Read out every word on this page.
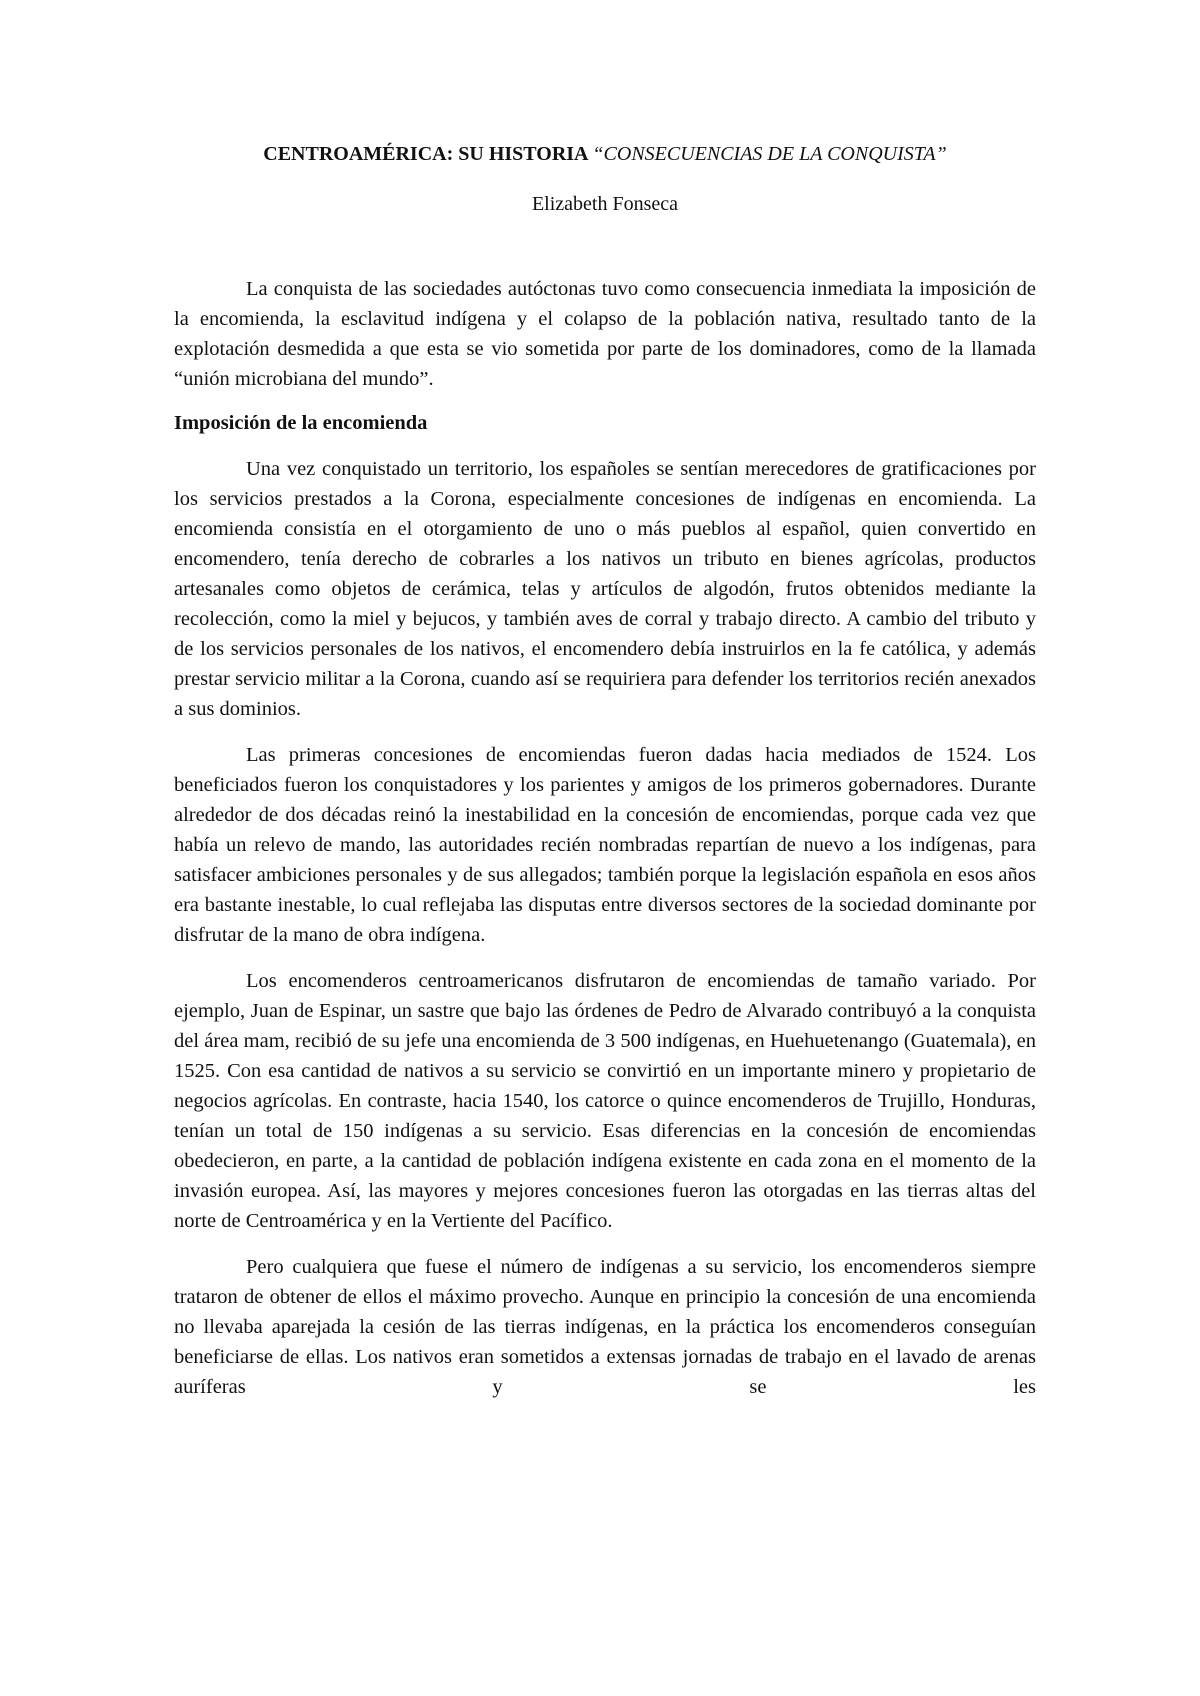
CENTROAMÉRICA: SU HISTORIA “CONSECUENCIAS DE LA CONQUISTA”

Elizabeth Fonseca

La conquista de las sociedades autóctonas tuvo como consecuencia inmediata la imposición de la encomienda, la esclavitud indígena y el colapso de la población nativa, resultado tanto de la explotación desmedida a que esta se vio sometida por parte de los dominadores, como de la llamada “unión microbiana del mundo”.

Imposición de la encomienda

Una vez conquistado un territorio, los españoles se sentían merecedores de gratificaciones por los servicios prestados a la Corona, especialmente concesiones de indígenas en encomienda. La encomienda consistía en el otorgamiento de uno o más pueblos al español, quien convertido en encomendero, tenía derecho de cobrarles a los nativos un tributo en bienes agrícolas, productos artesanales como objetos de cerámica, telas y artículos de algodón, frutos obtenidos mediante la recolección, como la miel y bejucos, y también aves de corral y trabajo directo. A cambio del tributo y de los servicios personales de los nativos, el encomendero debía instruirlos en la fe católica, y además prestar servicio militar a la Corona, cuando así se requiriera para defender los territorios recién anexados a sus dominios.

Las primeras concesiones de encomiendas fueron dadas hacia mediados de 1524. Los beneficiados fueron los conquistadores y los parientes y amigos de los primeros gobernadores. Durante alrededor de dos décadas reinó la inestabilidad en la concesión de encomiendas, porque cada vez que había un relevo de mando, las autoridades recién nombradas repartían de nuevo a los indígenas, para satisfacer ambiciones personales y de sus allegados; también porque la legislación española en esos años era bastante inestable, lo cual reflejaba las disputas entre diversos sectores de la sociedad dominante por disfrutar de la mano de obra indígena.

Los encomenderos centroamericanos disfrutaron de encomiendas de tamaño variado. Por ejemplo, Juan de Espinar, un sastre que bajo las órdenes de Pedro de Alvarado contribuyó a la conquista del área mam, recibió de su jefe una encomienda de 3 500 indígenas, en Huehuetenango (Guatemala), en 1525. Con esa cantidad de nativos a su servicio se convirtió en un importante minero y propietario de negocios agrícolas. En contraste, hacia 1540, los catorce o quince encomenderos de Trujillo, Honduras, tenían un total de 150 indígenas a su servicio. Esas diferencias en la concesión de encomiendas obedecieron, en parte, a la cantidad de población indígena existente en cada zona en el momento de la invasión europea. Así, las mayores y mejores concesiones fueron las otorgadas en las tierras altas del norte de Centroamérica y en la Vertiente del Pacífico.

Pero cualquiera que fuese el número de indígenas a su servicio, los encomenderos siempre trataron de obtener de ellos el máximo provecho. Aunque en principio la concesión de una encomienda no llevaba aparejada la cesión de las tierras indígenas, en la práctica los encomenderos conseguían beneficiarse de ellas. Los nativos eran sometidos a extensas jornadas de trabajo en el lavado de arenas auríferas y se les
